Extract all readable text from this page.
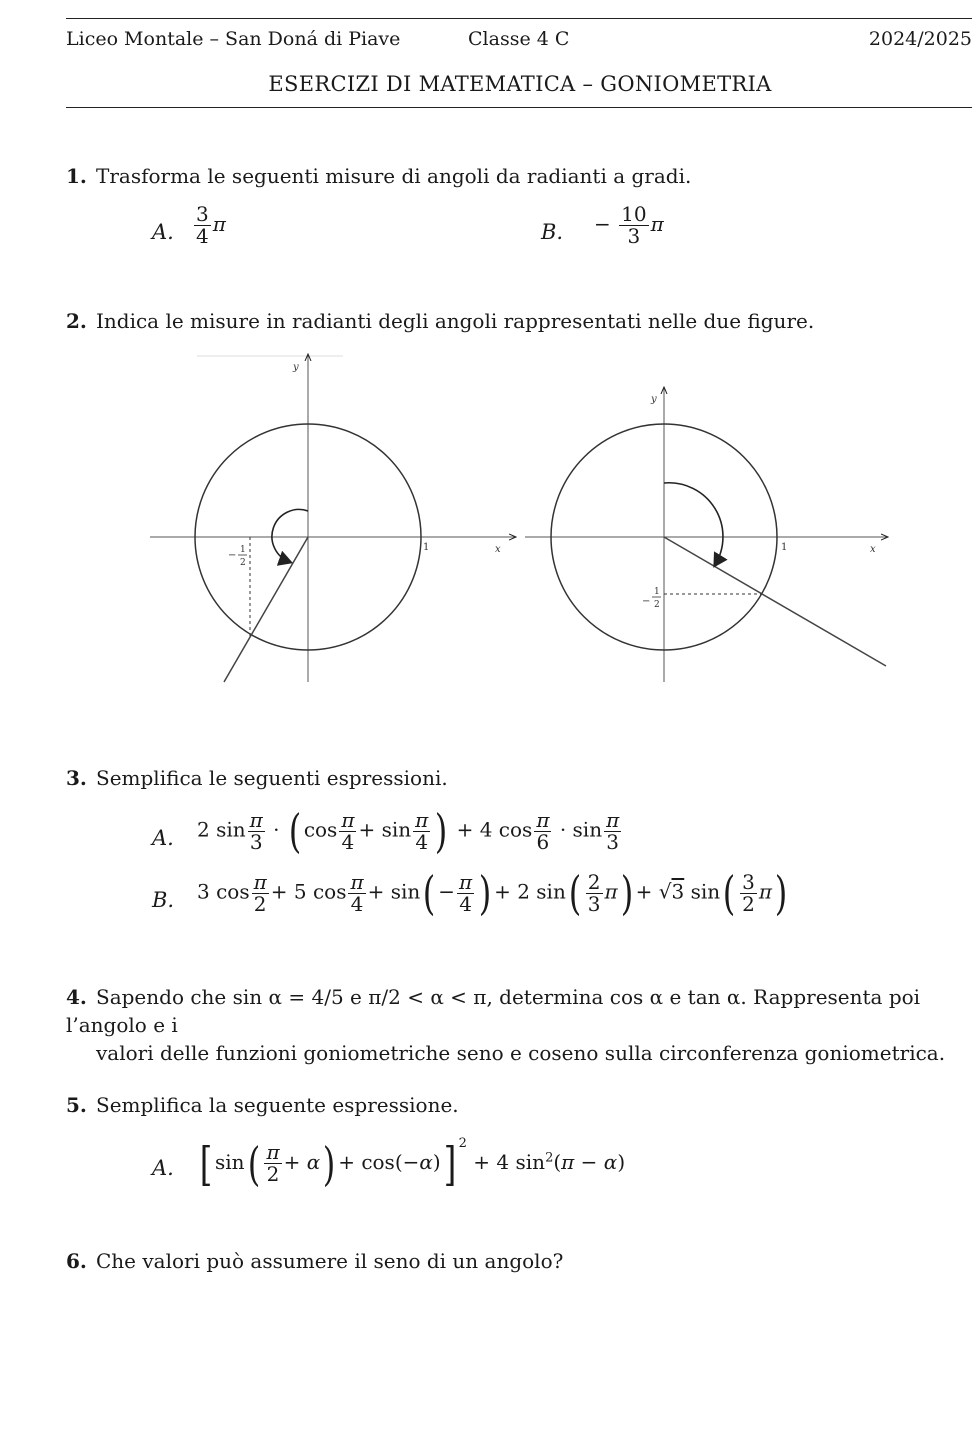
Liceo Montale – San Doná di Piave	Classe 4 C	2024/2025
ESERCIZI DI MATEMATICA – GONIOMETRIA
1. Trasforma le seguenti misure di angoli da radianti a gradi.
A. $\frac{3}{4}$ π	B. − $\frac{10}{3}$ π
2. Indica le misure in radianti degli angoli rappresentati nelle due figure.
y
x
1
− 1
2
y
x
1
−
1
2
3. Semplifica le seguenti espressioni.
A. 2 $\sin \frac{\pi}{3}$ · ( $\cos \frac{\pi}{4} + \sin \frac{\pi}{4}$ ) + 4 $\cos \frac{\pi}{6} \cdot \sin \frac{\pi}{3}$
B. 3 $\cos \frac{\pi}{2} + 5$ $\cos \frac{\pi}{4} + \sin( - \frac{\pi}{4}$ ) + 2 $\sin( \frac{2}{3} \pi) + √3$ $\sin( \frac{3}{2} \pi)$
4. Sapendo che sin α = 4/5 e π/2 < α < π, determina cos α e tan α. Rappresenta poi l’angolo e i
valori delle funzioni goniometriche seno e coseno sulla circonferenza goniometrica.
5. Semplifica la seguente espressione.
A. [ $\sin( \frac{\pi}{2} + \alpha) + \cos(-\alpha)$] $^2$ + 4 $\sin^2(\pi - \alpha)$
6. Che valori può assumere il seno di un angolo?
